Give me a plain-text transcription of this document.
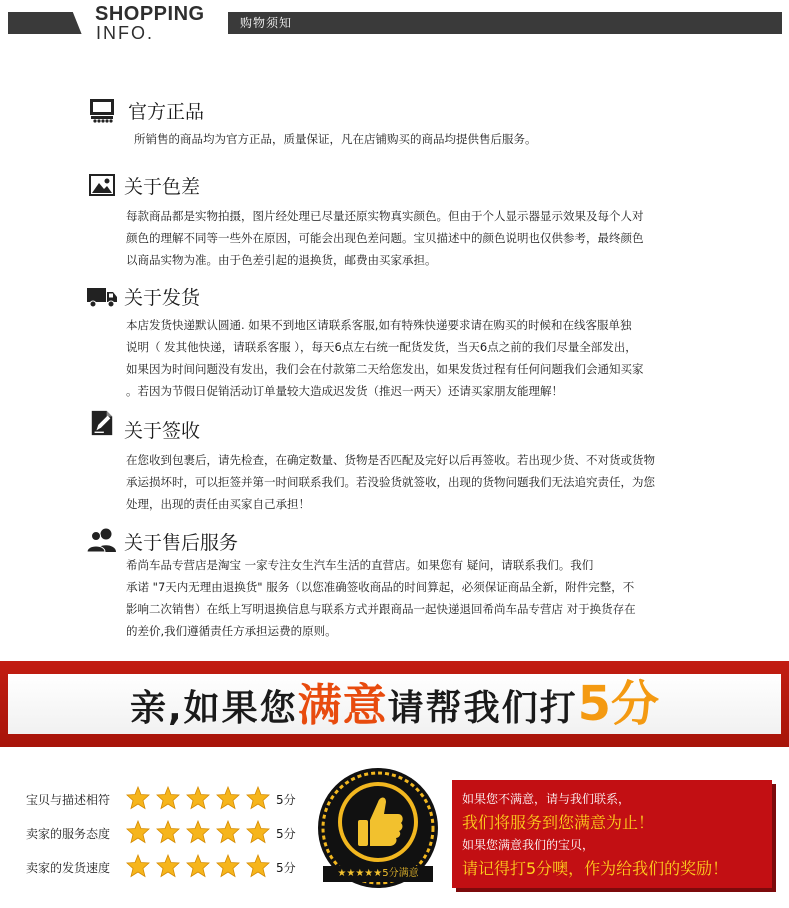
SHOPPING
INFO.	购物须知
官方正品
所销售的商品均为官方正品，质量保证，凡在店铺购买的商品均提供售后服务。
关于色差
每款商品都是实物拍摄，图片经处理已尽量还原实物真实颜色。但由于个人显示器显示效果及每个人对
颜色的理解不同等一些外在原因，可能会出现色差问题。宝贝描述中的颜色说明也仅供参考，最终颜色
以商品实物为准。由于色差引起的退换货，邮费由买家承担。
关于发货
本店发货快递默认圆通. 如果不到地区请联系客服,如有特殊快递要求请在购买的时候和在线客服单独
说明（ 发其他快递，请联系客服 ），每天6点左右统一配货发货，当天6点之前的我们尽量全部发出，
如果因为时间问题没有发出，我们会在付款第二天给您发出，如果发货过程有任何问题我们会通知买家
。若因为节假日促销活动订单量较大造成迟发货（推迟一两天）还请买家朋友能理解！
关于签收
在您收到包裹后，请先检查，在确定数量、货物是否匹配及完好以后再签收。若出现少货、不对货或货物
承运损坏时，可以拒签并第一时间联系我们。若没验货就签收，出现的货物问题我们无法追究责任，为您
处理，出现的责任由买家自己承担！
关于售后服务
希尚车品专营店是淘宝 一家专注女生汽车生活的直营店。如果您有 疑问，请联系我们。我们
承诺 "7天内无理由退换货" 服务（以您准确签收商品的时间算起，必须保证商品全新，附件完整，不
影响二次销售）在纸上写明退换信息与联系方式并跟商品一起快递退回希尚车品专营店 对于换货存在
的差价,我们遵循责任方承担运费的原则。
亲,如果您满意请帮我们打5分
宝贝与描述相符	5分
卖家的服务态度	5分
卖家的发货速度	5分	★★★★★5分满意
如果您不满意，请与我们联系，
我们将服务到您满意为止！
如果您满意我们的宝贝，
请记得打5分噢，作为给我们的奖励！
